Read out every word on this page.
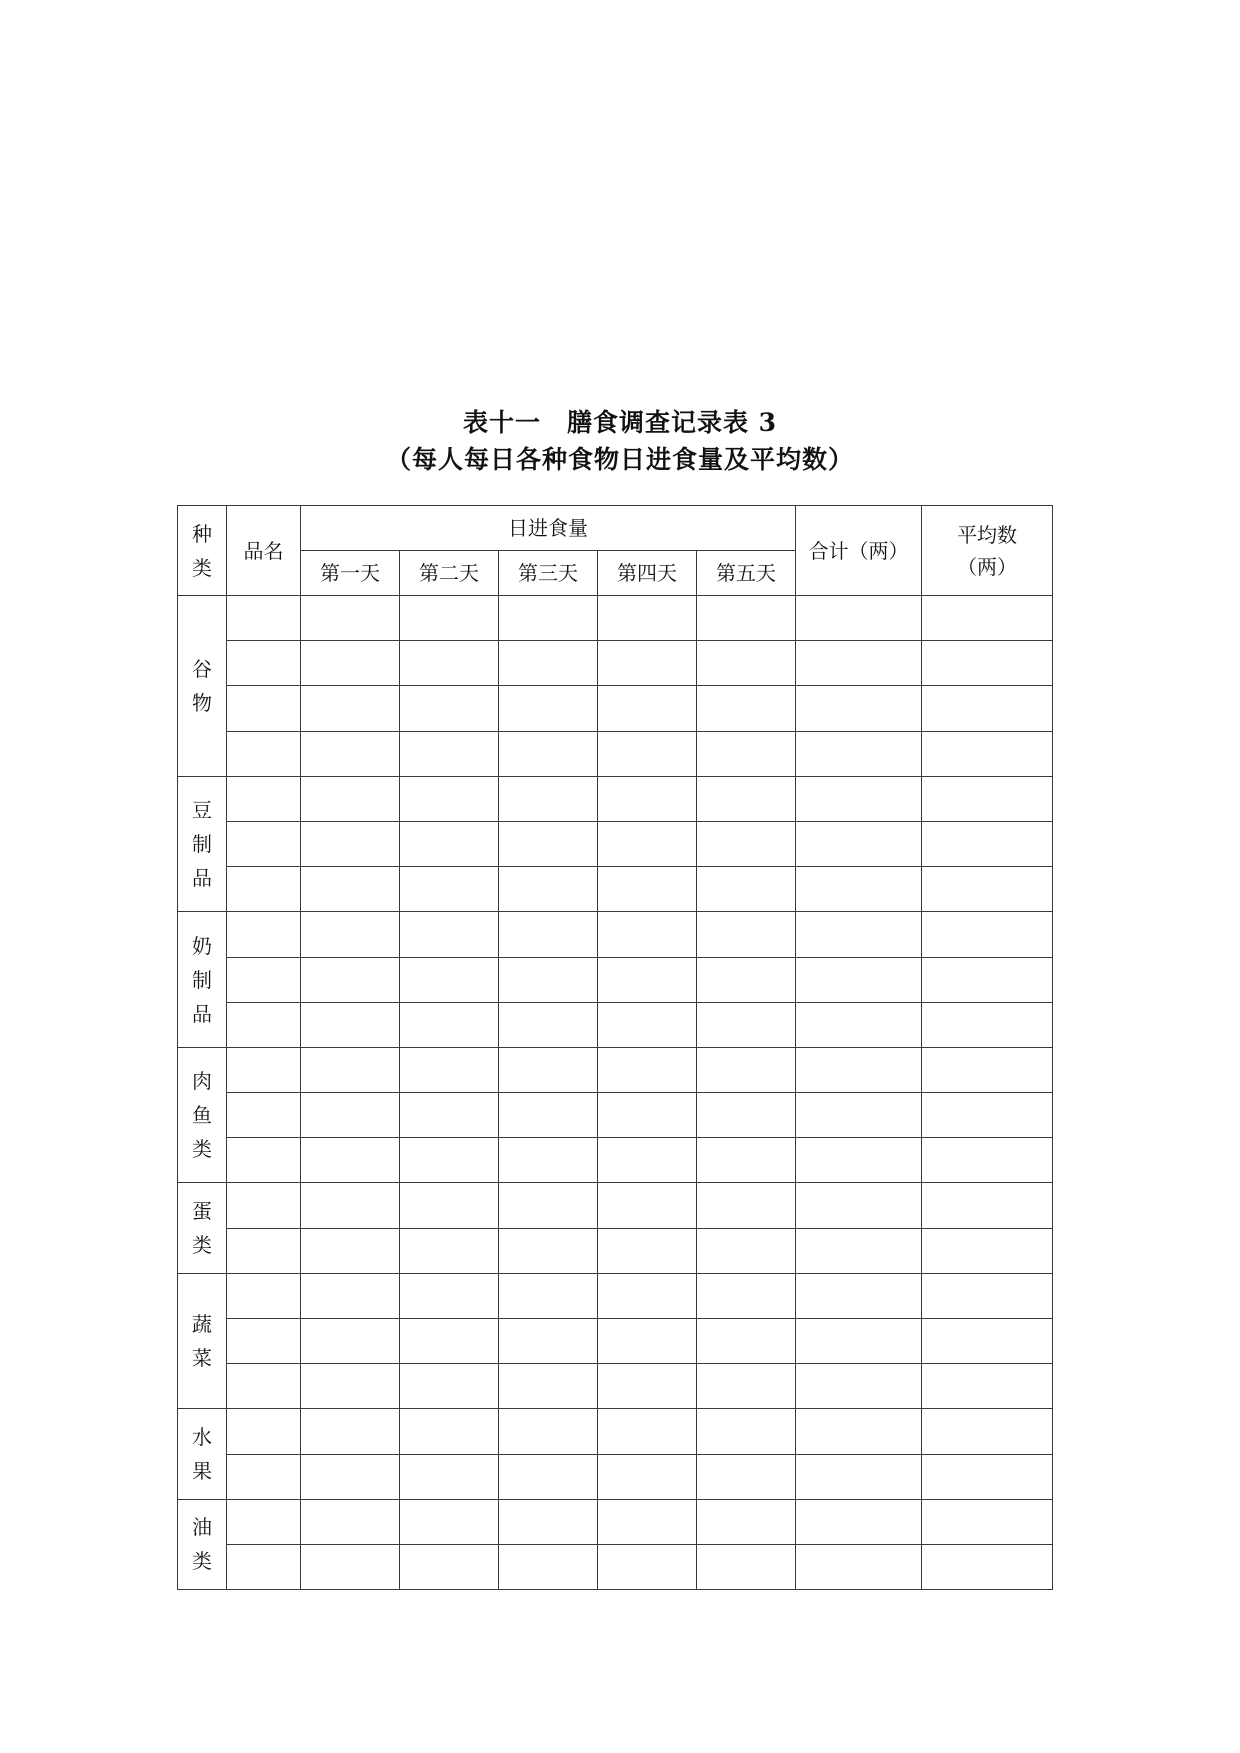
表十一　膳食调查记录表 3
（每人每日各种食物日进食量及平均数）
种类	品名	日进食量					合计（两）	平均数
（两）
		第一天	第二天	第三天	第四天	第五天		
谷物								

豆制品								

奶制品								

肉鱼类								

蛋类								

蔬菜								

水果								

油类								
